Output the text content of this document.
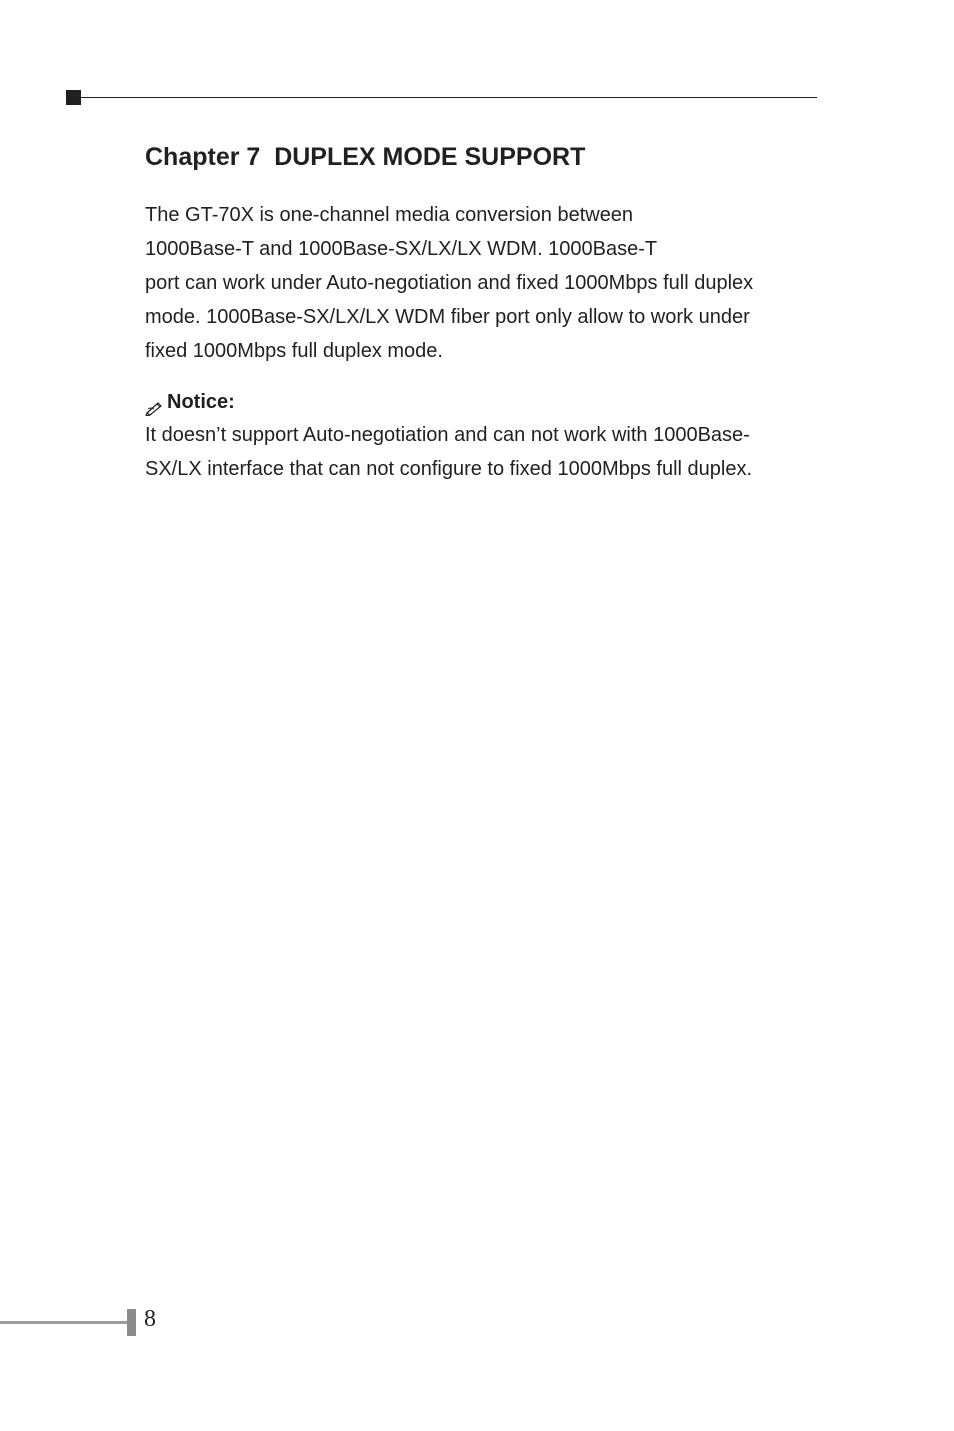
Chapter 7  DUPLEX MODE SUPPORT
The GT-70X is one-channel media conversion between
1000Base-T and 1000Base-SX/LX/LX WDM. 1000Base-T
port can work under Auto-negotiation and fixed 1000Mbps full duplex
mode. 1000Base-SX/LX/LX WDM fiber port only allow to work under
fixed 1000Mbps full duplex mode.
Notice:
It doesn’t support Auto-negotiation and can not work with 1000Base-
SX/LX interface that can not configure to fixed 1000Mbps full duplex.
8
